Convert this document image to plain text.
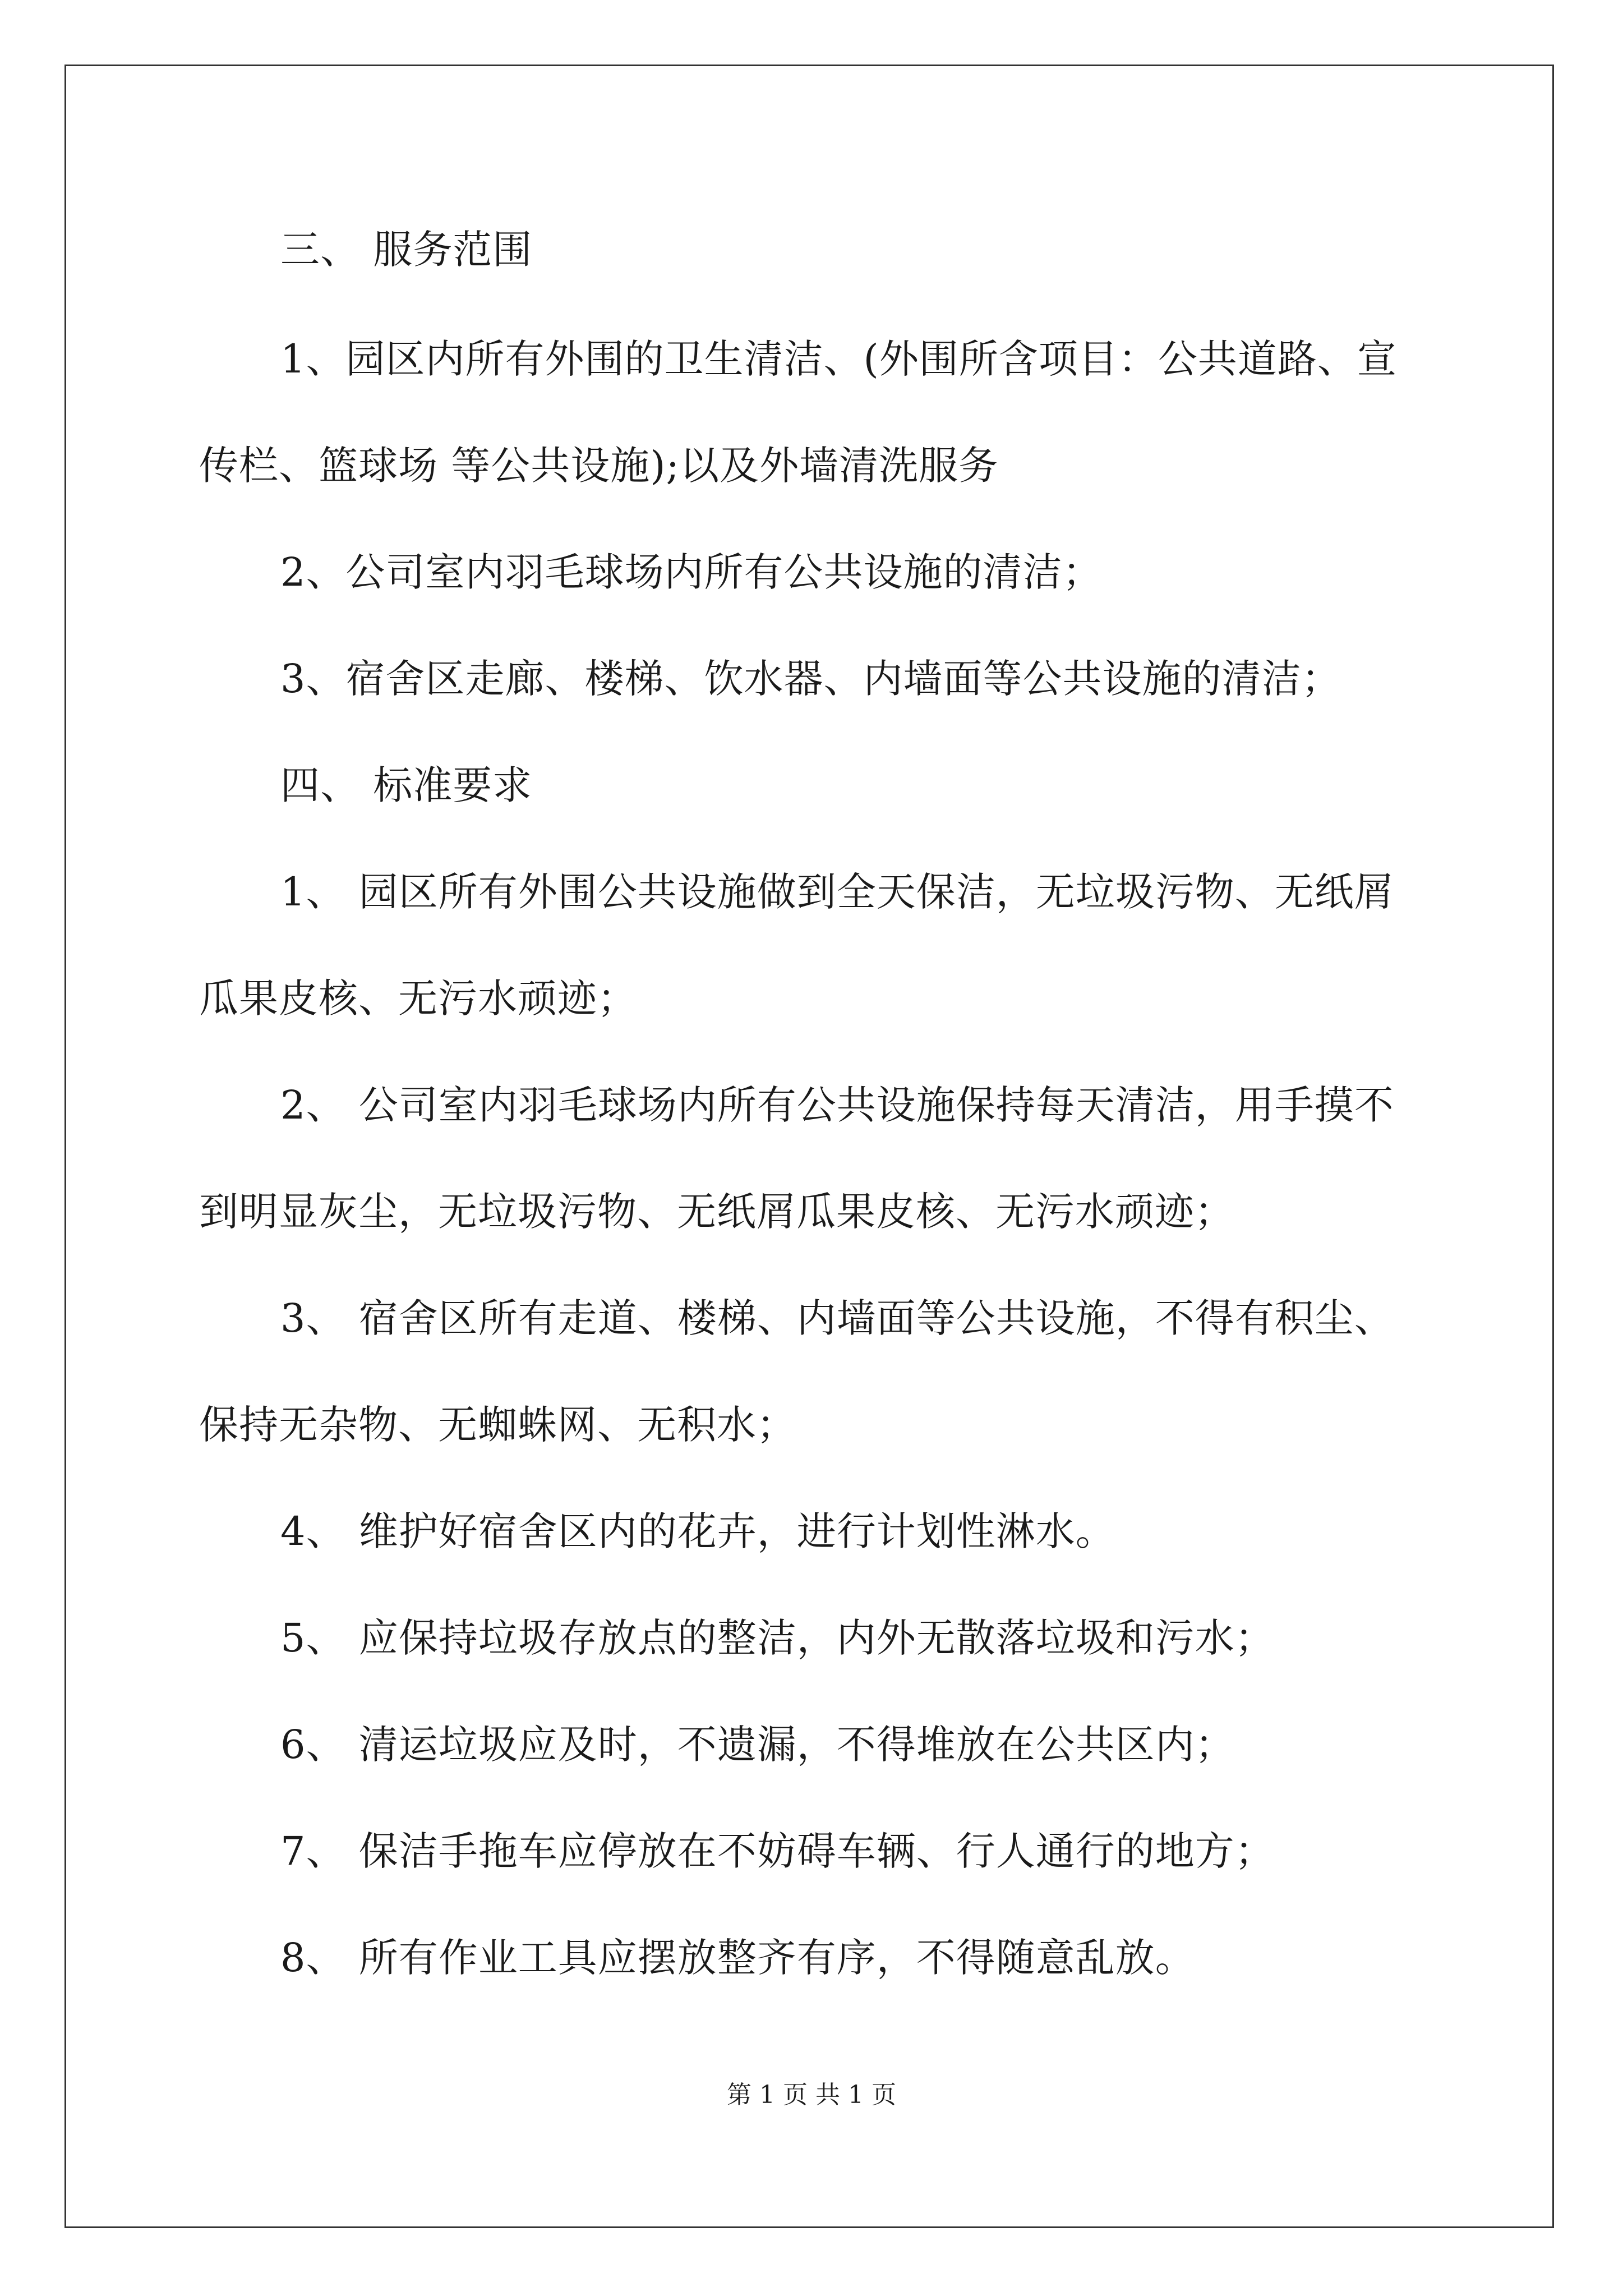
三、 服务范围
1、园区内所有外围的卫生清洁、(外围所含项目：公共道路、宣
传栏、篮球场 等公共设施);以及外墙清洗服务
2、公司室内羽毛球场内所有公共设施的清洁；
3、宿舍区走廊、楼梯、饮水器、内墙面等公共设施的清洁；
四、 标准要求
1、 园区所有外围公共设施做到全天保洁，无垃圾污物、无纸屑
瓜果皮核、无污水顽迹；
2、 公司室内羽毛球场内所有公共设施保持每天清洁，用手摸不
到明显灰尘，无垃圾污物、无纸屑瓜果皮核、无污水顽迹；
3、 宿舍区所有走道、楼梯、内墙面等公共设施，不得有积尘、
保持无杂物、无蜘蛛网、无积水；
4、 维护好宿舍区内的花卉，进行计划性淋水。
5、 应保持垃圾存放点的整洁，内外无散落垃圾和污水；
6、 清运垃圾应及时，不遗漏，不得堆放在公共区内；
7、 保洁手拖车应停放在不妨碍车辆、行人通行的地方；
8、 所有作业工具应摆放整齐有序，不得随意乱放。
第 1 页 共 1 页
